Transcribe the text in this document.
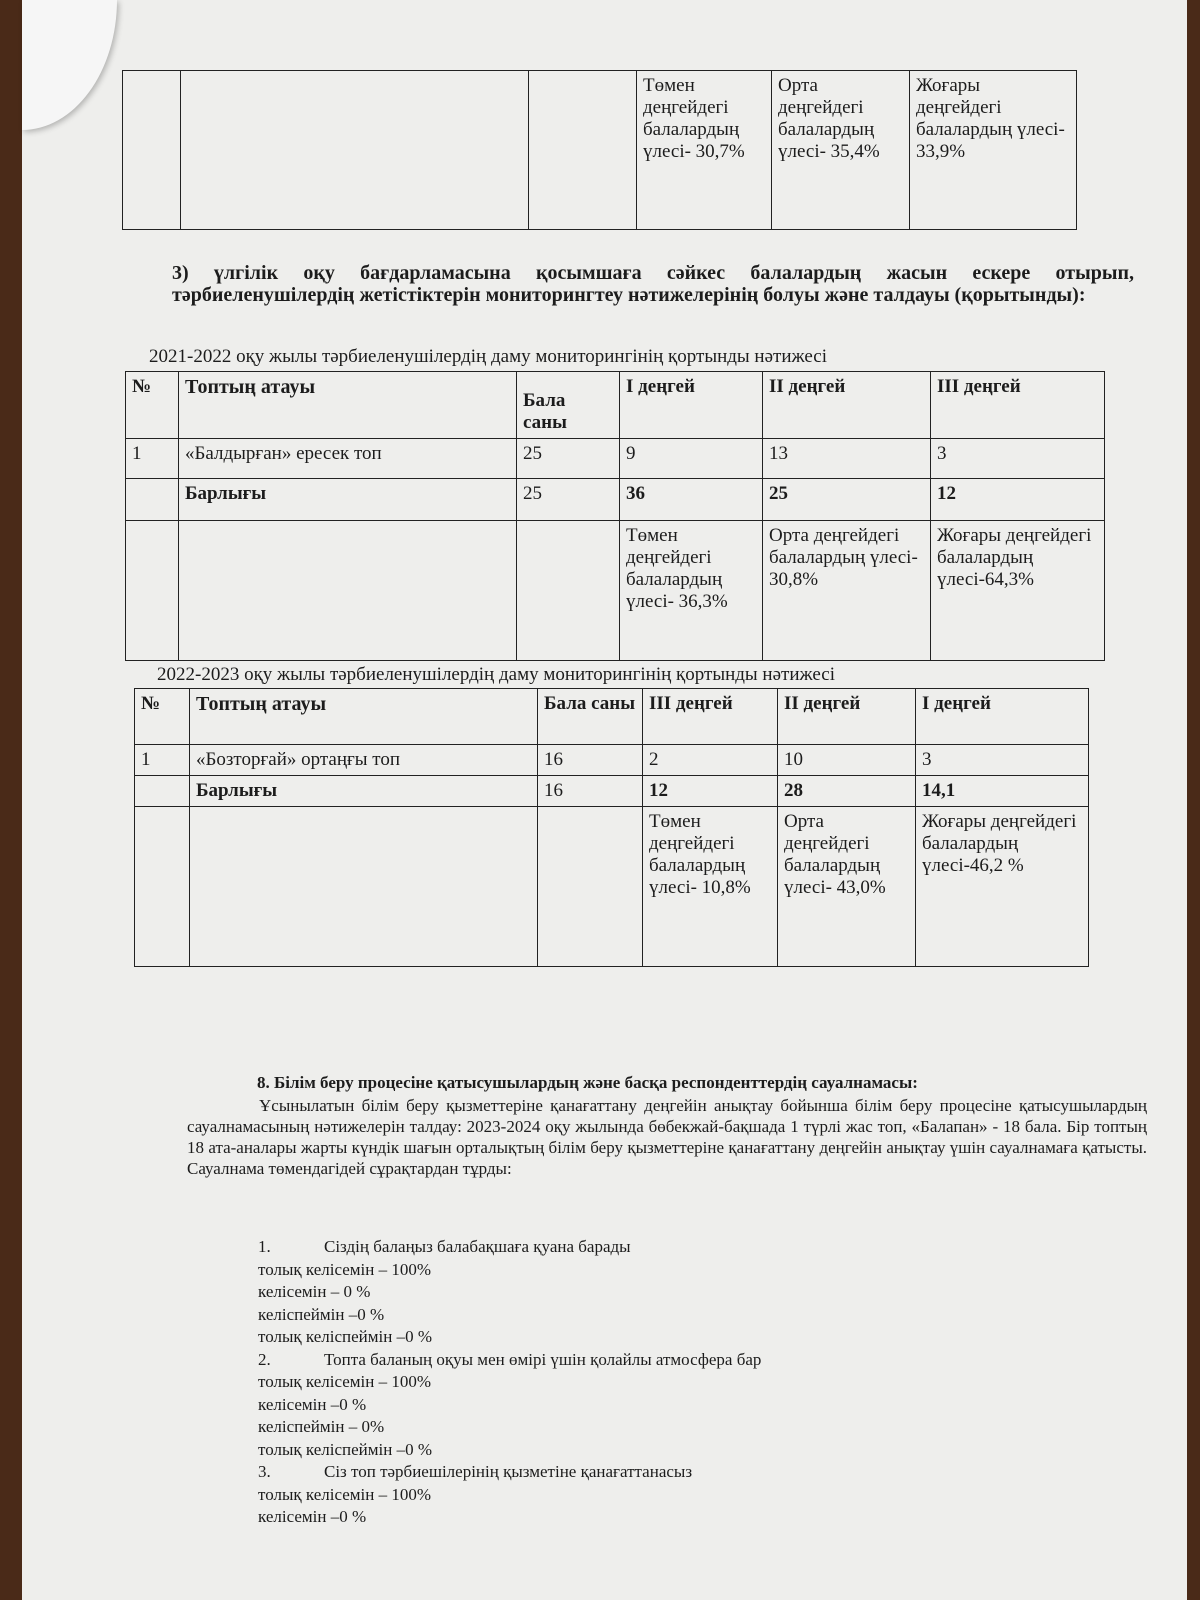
			Төмен деңгейдегі балалардың үлесі- 30,7%	Орта деңгейдегі балалардың үлесі- 35,4%	Жоғары деңгейдегі балалардың үлесі- 33,9%
3) үлгілік оқу бағдарламасына қосымшаға сәйкес балалардың жасын ескере отырып, тәрбиеленушілердің жетістіктерін мониторингтеу нәтижелерінің болуы және талдауы (қорытынды):
2021-2022 оқу жылы тәрбиеленушілердің даму мониторингінің қортынды нәтижесі
№	Топтың атауы	Бала саны	І деңгей	ІІ деңгей	ІІІ деңгей
1	«Балдырған» ересек топ	25	9	13	3
	Барлығы	25	36	25	12
			Төмен деңгейдегі балалардың үлесі- 36,3%	Орта деңгейдегі балалардың үлесі- 30,8%	Жоғары деңгейдегі балалардың үлесі-64,3%
2022-2023 оқу жылы тәрбиеленушілердің даму мониторингінің қортынды нәтижесі
№	Топтың атауы	Бала саны	ІІІ деңгей	ІІ деңгей	І деңгей
1	«Бозторғай» ортаңғы топ	16	2	10	3
	Барлығы	16	12	28	14,1
			Төмен деңгейдегі балалардың үлесі- 10,8%	Орта деңгейдегі балалардың үлесі- 43,0%	Жоғары деңгейдегі балалардың үлесі-46,2 %
8. Білім беру процесіне қатысушылардың және басқа респонденттердің сауалнамасы:

Ұсынылатын білім беру қызметтеріне қанағаттану деңгейін анықтау бойынша білім беру процесіне қатысушылардың сауалнамасының нәтижелерін талдау: 2023-2024 оқу жылында бөбекжай-бақшада 1 түрлі жас топ, «Балапан» - 18 бала. Бір топтың 18 ата-аналары жарты күндік шағын орталықтың білім беру қызметтеріне қанағаттану деңгейін анықтау үшін сауалнамаға қатысты. Сауалнама төмендагідей сұрақтардан тұрды:

1.	Сіздің балаңыз балабақшаға қуана барады
толық келісемін – 100%
келісемін – 0 %
келіспеймін –0 %
толық келіспеймін –0 %
2.	Топта баланың оқуы мен өмірі үшін қолайлы атмосфера бар
толық келісемін – 100%
келісемін –0 %
келіспеймін – 0%
толық келіспеймін –0 %
3.	Сіз топ тәрбиешілерінің қызметіне қанағаттанасыз
толық келісемін – 100%
келісемін –0 %
